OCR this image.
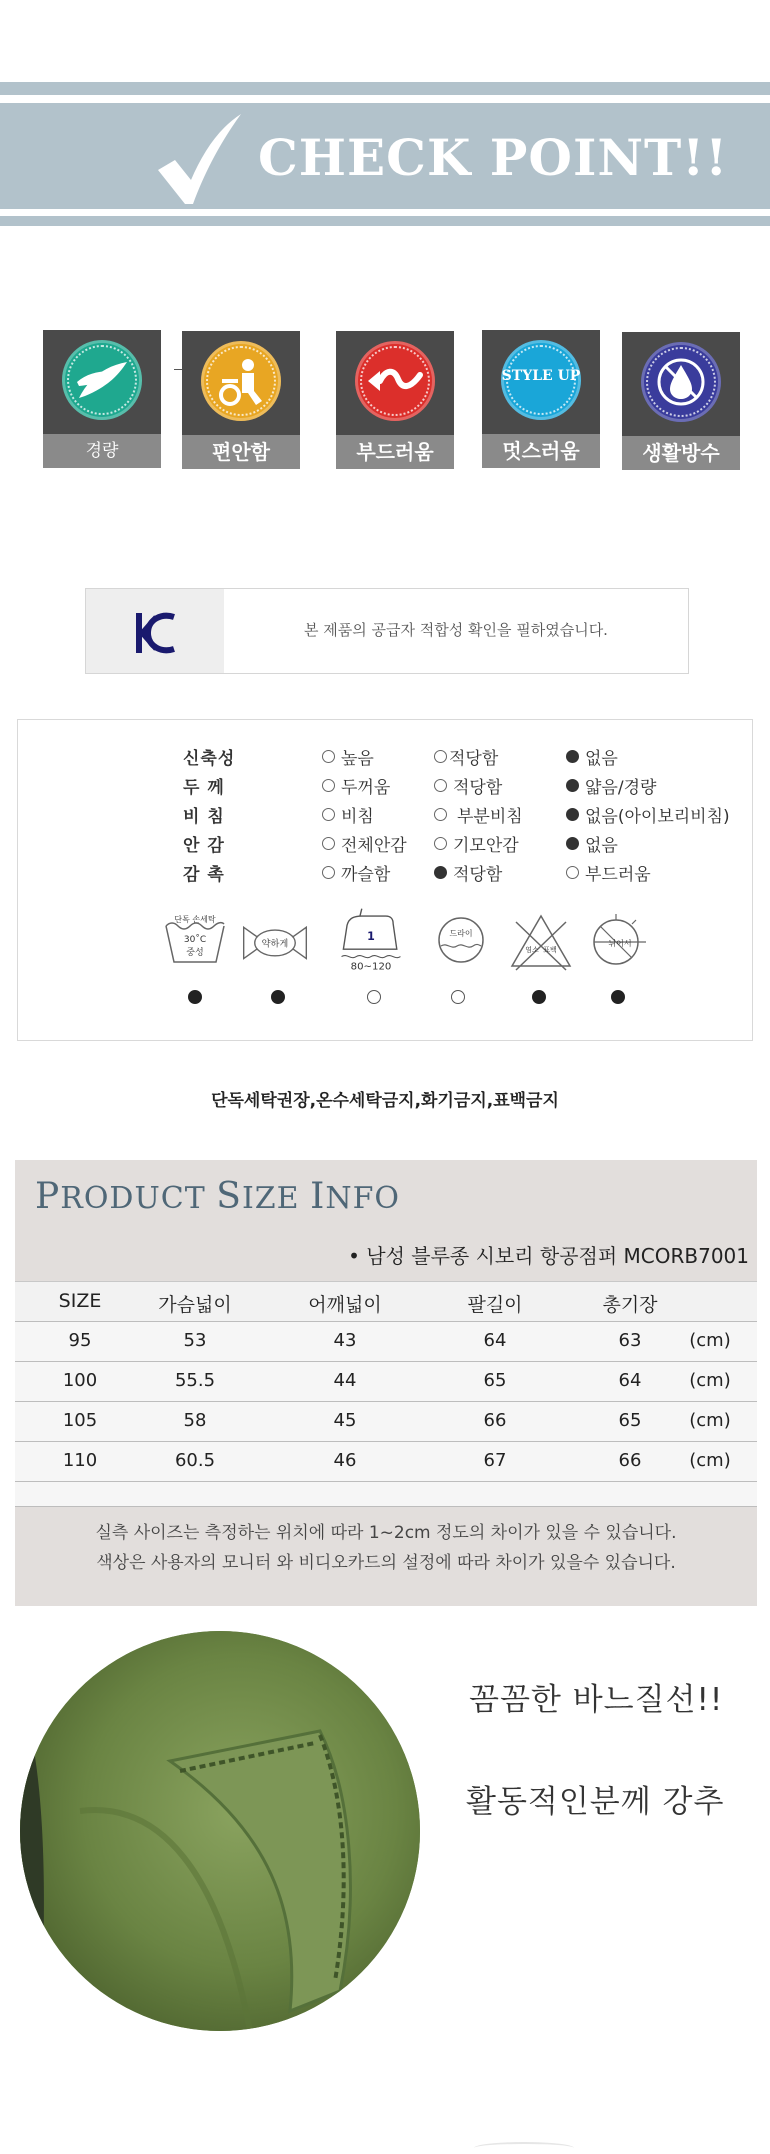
CHECK POINT!!
경량	편안함	부드러움
STYLE UP
멋스러움	생활방수
본 제품의 공급자 적합성 확인을 필하였습니다.
신축성	높음	적당함	없음
두 께	두꺼움	적당함	얇음/경량
비 침	비침	부분비침	없음(아이보리비침)
안 감	전체안감	기모안감	없음
감 촉	까슬함	적당함	부드러움
단독 손세탁
30˚C
중성
약하게
1
80~120
드라이
염소 표백
뉘어서
단독세탁권장,온수세탁금지,화기금지,표백금지
PRODUCT SIZE INFO
• 남성 블루종 시보리 항공점퍼 MCORB7001
SIZE	가슴넓이	어깨넓이	팔길이	총기장
95	53	43	64	63	(cm)
100	55.5	44	65	64	(cm)
105	58	45	66	65	(cm)
110	60.5	46	67	66	(cm)
실측 사이즈는 측정하는 위치에 따라 1~2cm 정도의 차이가 있을 수 있습니다.
색상은 사용자의 모니터 와 비디오카드의 설정에 따라 차이가 있을수 있습니다.
꼼꼼한 바느질선!!
활동적인분께 강추
